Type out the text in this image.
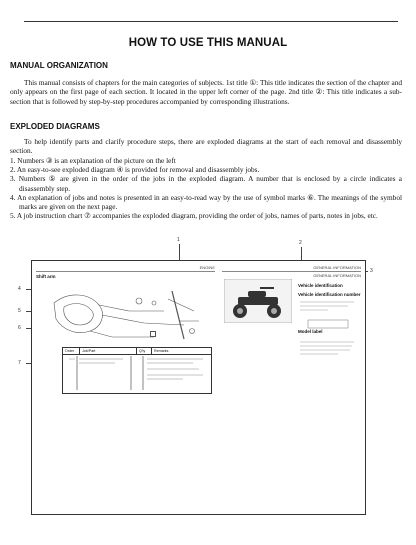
HOW TO USE THIS MANUAL
MANUAL ORGANIZATION
This manual consists of chapters for the main categories of subjects. 1st title ①: This title indicates the section of the chapter and only appears on the first page of each section. It located in the upper left corner of the page. 2nd title ②: This title indicates a sub-section that is followed by step-by-step procedures accompanied by corresponding illustrations.
EXPLODED DIAGRAMS
To help identify parts and clarify procedure steps, there are exploded diagrams at the start of each removal and disassembly section.
1. Numbers ③ is an explanation of the picture on the left
2. An easy-to-see exploded diagram ④ is provided for removal and disassembly jobs.
3. Numbers ⑤ are given in the order of the jobs in the exploded diagram. A number that is enclosed by a circle indicates a disassembly step.
4. An explanation of jobs and notes is presented in an easy-to-read way by the use of symbol marks ⑥. The meanings of the symbol marks are given on the next page.
5. A job instruction chart ⑦ accompanies the exploded diagram, providing the order of jobs, names of parts, notes in jobs, etc.
1	2
3
4
5
6
7
ENGINE
Shift arm
Order	Job/Part	Q'ty	Remarks
GENERAL INFORMATION
GENERAL INFORMATION
Vehicle identification
Vehicle identification number
Model label
